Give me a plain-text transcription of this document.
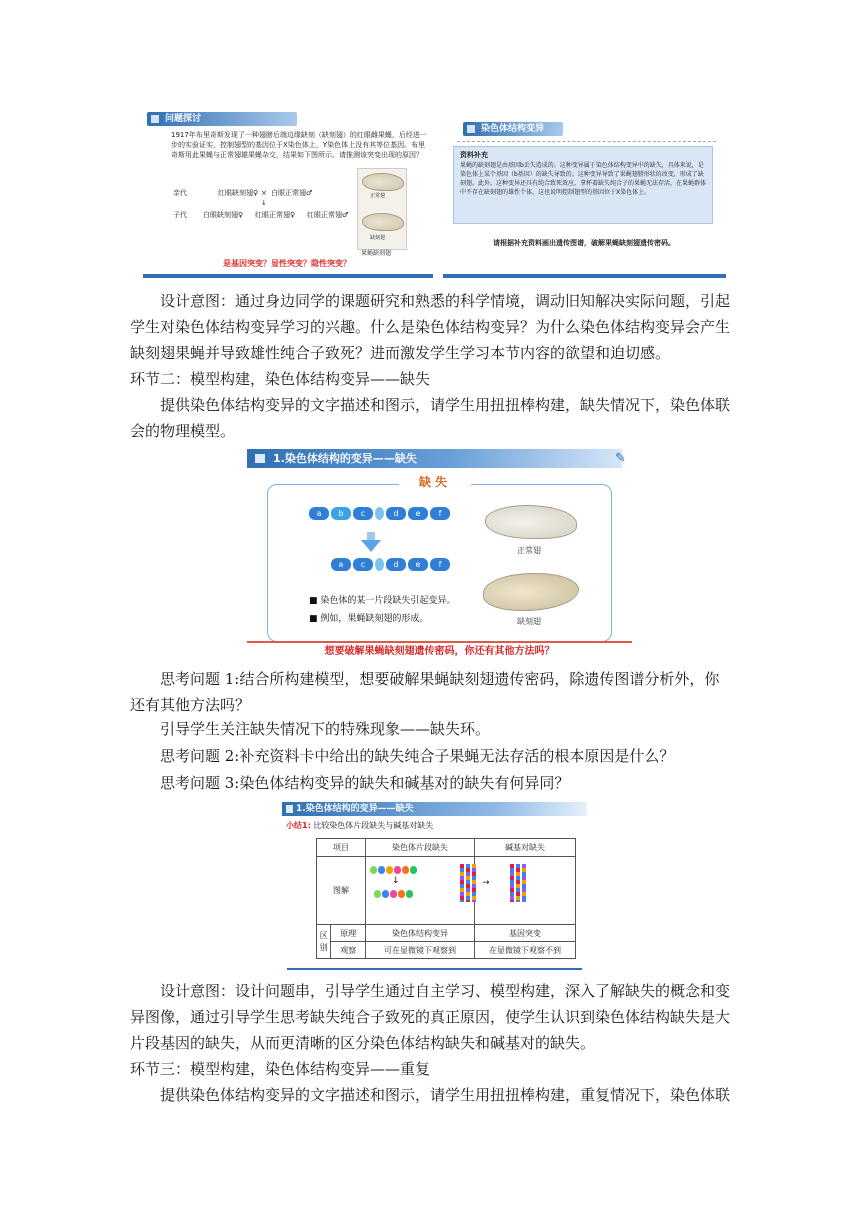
问题探讨
1917年布里奇斯发现了一种翅膀后端边缘缺刻（缺刻翅）的红眼雌果蝇，后经进一步的实验证实，控制翅型的基因位于X染色体上，Y染色体上没有其等位基因。布里奇斯用此果蝇与正常翅雄果蝇杂交，结果如下图所示。请推测该突变出现的原因？
亲代	红眼缺刻翅♀ × 白眼正常翅♂
↓
子代 白眼缺刻翅♀ 红眼正常翅♀ 红眼正常翅♂
正常翅
缺刻翅
果蝇缺刻翅
是基因突变？显性突变？隐性突变？
染色体结构变异
资料补充
果蝇的缺刻翅是由基因b丢失造成的。这种变异属于染色体结构变异中的缺失，具体来说，是染色体上某个基因（b基因）的缺失导致的。这种变异导致了果蝇翅膀形状的改变，形成了缺刻翅。此外，这种变异还具有纯合致死效应，拿杯着缺失纯合子的果蝇无法存活，在果蝇群体中不存在缺刻翅的雄性个体，这也说明控制翅型的基因位于X染色体上。
请根据补充资料画出遗传图谱，破解果蝇缺刻翅遗传密码。
设计意图：通过身边同学的课题研究和熟悉的科学情境，调动旧知解决实际问题，引起学生对染色体结构变异学习的兴趣。什么是染色体结构变异？为什么染色体结构变异会产生缺刻翅果蝇并导致雄性纯合子致死？进而激发学生学习本节内容的欲望和迫切感。
环节二：模型构建，染色体结构变异——缺失
提供染色体结构变异的文字描述和图示，请学生用扭扭棒构建，缺失情况下，染色体联会的物理模型。
1.染色体结构的变异——缺失	✎
缺失
a	b	c	d	e	f
a	c	d	e	f
■ 染色体的某一片段缺失引起变异。
■ 例如，果蝇缺刻翅的形成。
正常翅
缺刻翅
想要破解果蝇缺刻翅遗传密码，你还有其他方法吗？
思考问题 1:结合所构建模型，想要破解果蝇缺刻翅遗传密码，除遗传图谱分析外，你还有其他方法吗？
引导学生关注缺失情况下的特殊现象——缺失环。
思考问题 2:补充资料卡中给出的缺失纯合子果蝇无法存活的根本原因是什么？
思考问题 3:染色体结构变异的缺失和碱基对的缺失有何异同？
1.染色体结构的变异——缺失
小结1: 比较染色体片段缺失与碱基对缺失
项目		染色体片段缺失	碱基对缺失
图解			
区别	原理	染色体结构变异	基因突变
	观察	可在显微镜下观察到	在显微镜下观察不到
↓	→
设计意图：设计问题串，引导学生通过自主学习、模型构建，深入了解缺失的概念和变异图像，通过引导学生思考缺失纯合子致死的真正原因，使学生认识到染色体结构缺失是大片段基因的缺失，从而更清晰的区分染色体结构缺失和碱基对的缺失。
环节三：模型构建，染色体结构变异——重复
提供染色体结构变异的文字描述和图示，请学生用扭扭棒构建，重复情况下，染色体联
